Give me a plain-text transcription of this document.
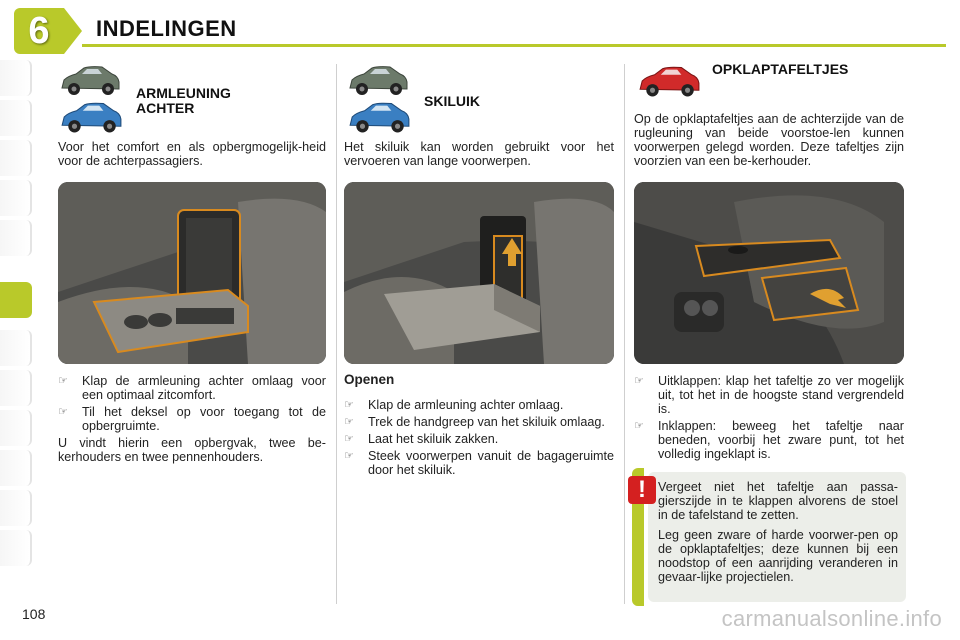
6	INDELINGEN
ARMLEUNING ACHTER
Voor het comfort en als opbergmogelijk-heid voor de achterpassagiers.
☞ Klap de armleuning achter omlaag voor een optimaal zitcomfort.
☞ Til het deksel op voor toegang tot de opbergruimte.
U vindt hierin een opbergvak, twee be-kerhouders en twee pennenhouders.
SKILUIK
Het skiluik kan worden gebruikt voor het vervoeren van lange voorwerpen.
Openen
☞ Klap de armleuning achter omlaag.
☞ Trek de handgreep van het skiluik omlaag.
☞ Laat het skiluik zakken.
☞ Steek voorwerpen vanuit de bagageruimte door het skiluik.
OPKLAPTAFELTJES
Op de opklaptafeltjes aan de achterzijde van de rugleuning van beide voorstoe-len kunnen voorwerpen gelegd worden. Deze tafeltjes zijn voorzien van een be-kerhouder.
☞ Uitklappen: klap het tafeltje zo ver mogelijk uit, tot het in de hoogste stand vergrendeld is.
☞ Inklappen: beweeg het tafeltje naar beneden, voorbij het zware punt, tot het volledig ingeklapt is.
Vergeet niet het tafeltje aan passa-gierszijde in te klappen alvorens de stoel in de tafelstand te zetten.
Leg geen zware of harde voorwer-pen op de opklaptafeltjes; deze kunnen bij een noodstop of een aanrijding veranderen in gevaar-lijke projectielen.
!
108	carmanualsonline.info
